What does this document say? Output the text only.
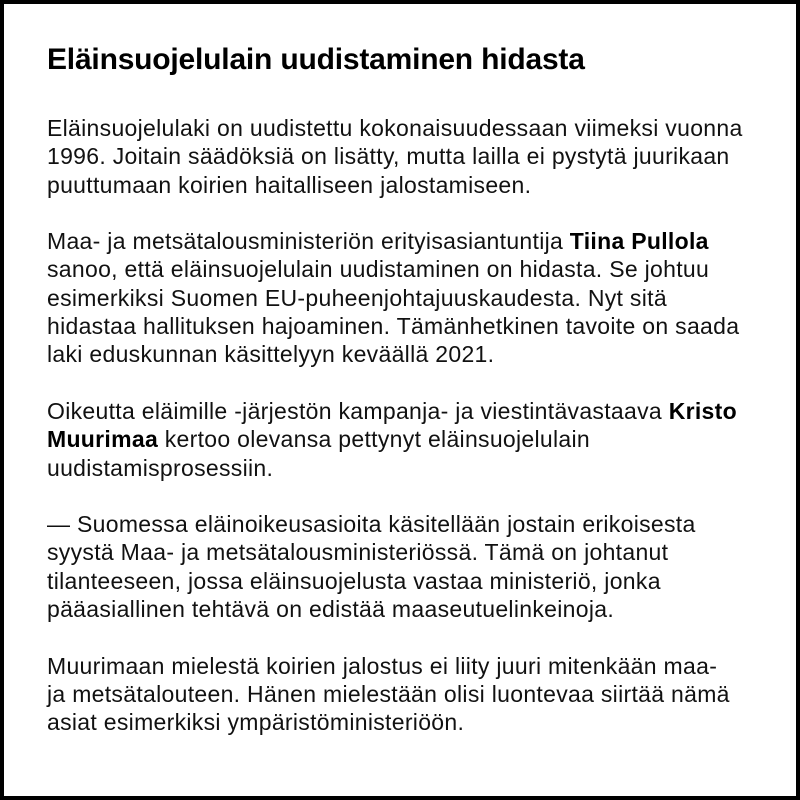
Eläinsuojelulain uudistaminen hidasta
Eläinsuojelulaki on uudistettu kokonaisuudessaan viimeksi vuonna
1996. Joitain säädöksiä on lisätty, mutta lailla ei pystytä juurikaan
puuttumaan koirien haitalliseen jalostamiseen.
Maa- ja metsätalousministeriön erityisasiantuntija Tiina Pullola
sanoo, että eläinsuojelulain uudistaminen on hidasta. Se johtuu
esimerkiksi Suomen EU-puheenjohtajuuskaudesta. Nyt sitä
hidastaa hallituksen hajoaminen. Tämänhetkinen tavoite on saada
laki eduskunnan käsittelyyn keväällä 2021.
Oikeutta eläimille -järjestön kampanja- ja viestintävastaava Kristo
Muurimaa kertoo olevansa pettynyt eläinsuojelulain
uudistamisprosessiin.
— Suomessa eläinoikeusasioita käsitellään jostain erikoisesta
syystä Maa- ja metsätalousministeriössä. Tämä on johtanut
tilanteeseen, jossa eläinsuojelusta vastaa ministeriö, jonka
pääasiallinen tehtävä on edistää maaseutuelinkeinoja.
Muurimaan mielestä koirien jalostus ei liity juuri mitenkään maa-
ja metsätalouteen. Hänen mielestään olisi luontevaa siirtää nämä
asiat esimerkiksi ympäristöministeriöön.
